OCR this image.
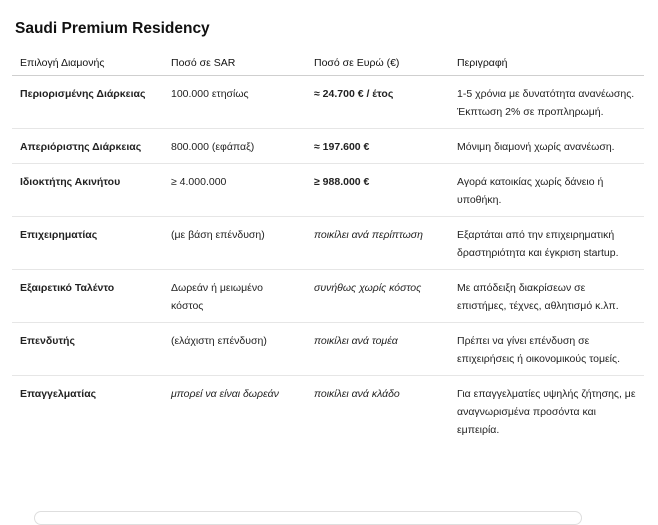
Saudi Premium Residency
Επιλογή Διαμονής	Ποσό σε SAR	Ποσό σε Ευρώ (€)	Περιγραφή
Περιορισμένης Διάρκειας	100.000 ετησίως	≈ 24.700 € / έτος	1-5 χρόνια με δυνατότητα ανανέωσης. Έκπτωση 2% σε προπληρωμή.
Απεριόριστης Διάρκειας	800.000 (εφάπαξ)	≈ 197.600 €	Μόνιμη διαμονή χωρίς ανανέωση.
Ιδιοκτήτης Ακινήτου	≥ 4.000.000	≥ 988.000 €	Αγορά κατοικίας χωρίς δάνειο ή υποθήκη.
Επιχειρηματίας	(με βάση επένδυση)	ποικίλει ανά περίπτωση	Εξαρτάται από την επιχειρηματική δραστηριότητα και έγκριση startup.
Εξαιρετικό Ταλέντο	Δωρεάν ή μειωμένο κόστος	συνήθως χωρίς κόστος	Με απόδειξη διακρίσεων σε επιστήμες, τέχνες, αθλητισμό κ.λπ.
Επενδυτής	(ελάχιστη επένδυση)	ποικίλει ανά τομέα	Πρέπει να γίνει επένδυση σε επιχειρήσεις ή οικονομικούς τομείς.
Επαγγελματίας	μπορεί να είναι δωρεάν	ποικίλει ανά κλάδο	Για επαγγελματίες υψηλής ζήτησης, με αναγνωρισμένα προσόντα και εμπειρία.
